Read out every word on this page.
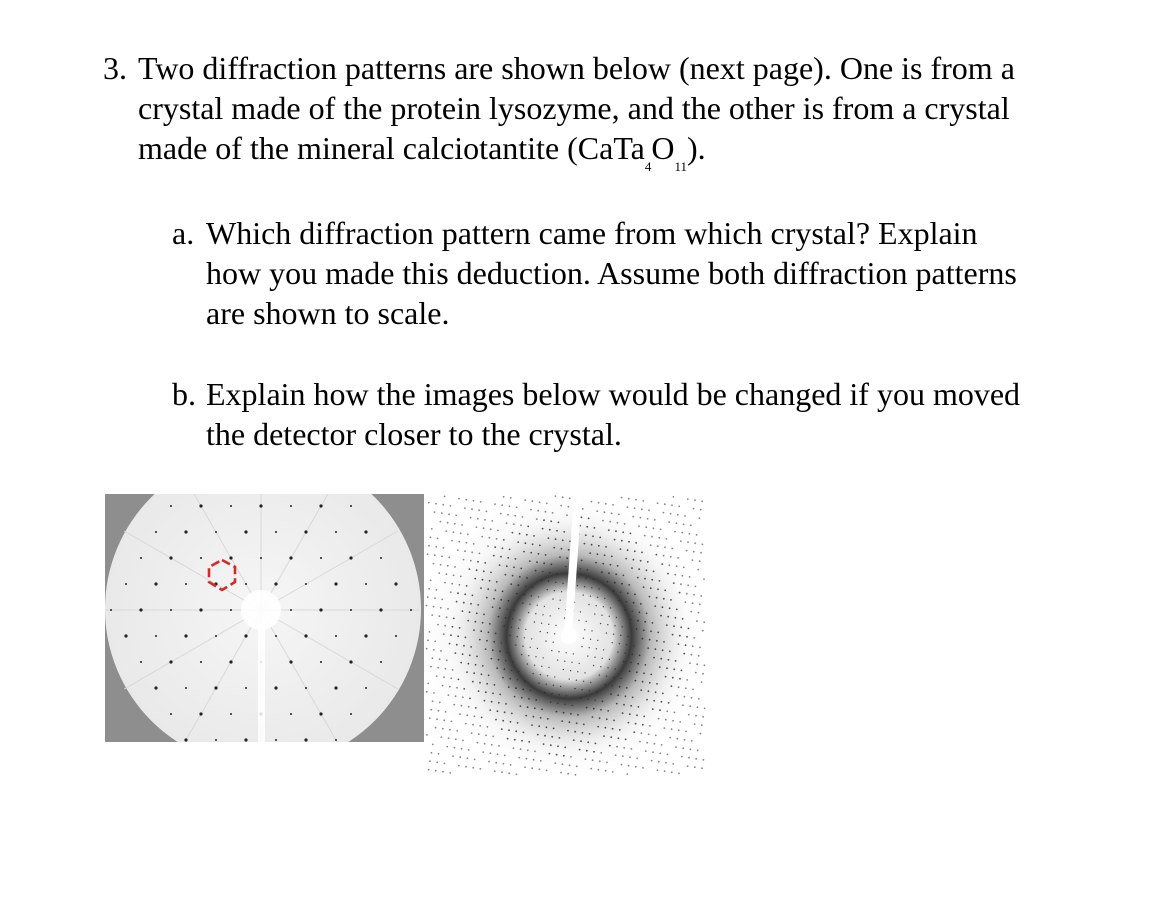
3. Two diffraction patterns are shown below (next page). One is from a crystal made of the protein lysozyme, and the other is from a crystal made of the mineral calciotantite $(CaTa_4O_{11})$.
a. Which diffraction pattern came from which crystal? Explain how you made this deduction. Assume both diffraction patterns are shown to scale.
b. Explain how the images below would be changed if you moved the detector closer to the crystal.
